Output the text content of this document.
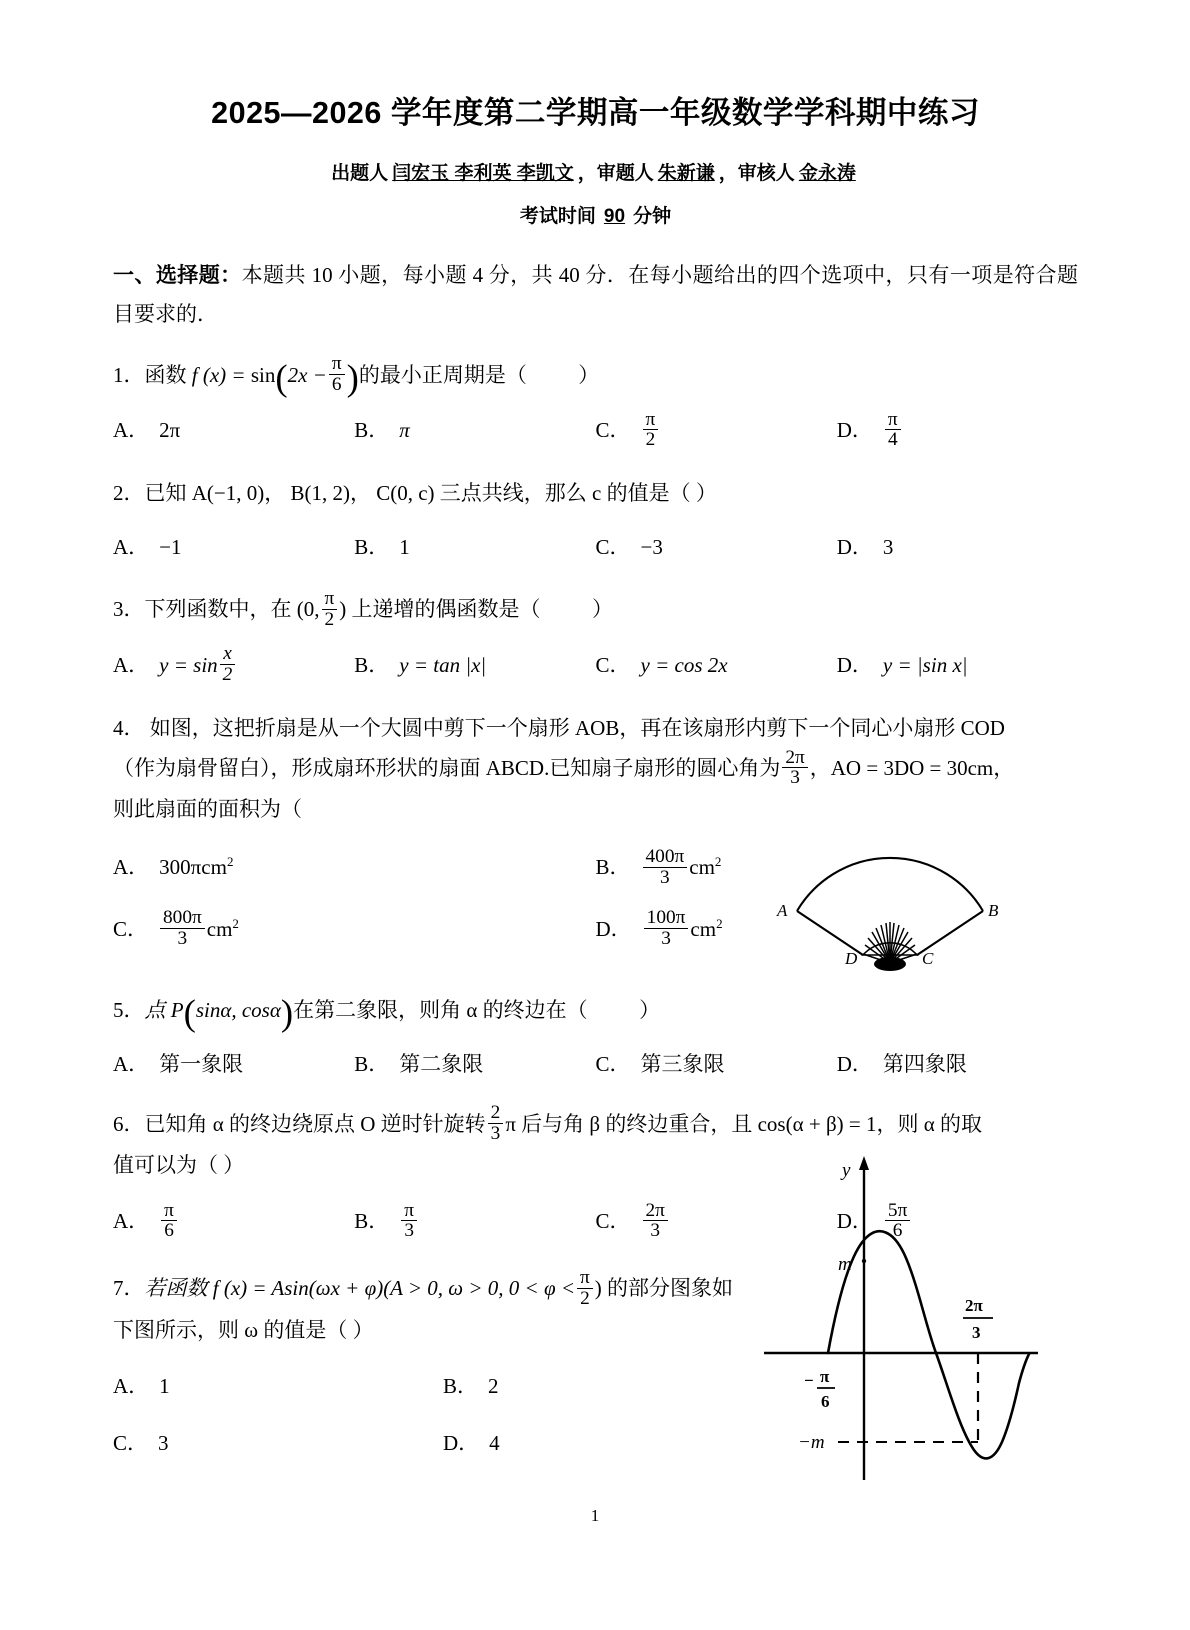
2025—2026 学年度第二学期高一年级数学学科期中练习
出题人 闫宏玉 李利英 李凯文 ，审题人 朱新谦 ，审核人 金永涛
考试时间 90 分钟
一、选择题：本题共 10 小题，每小题 4 分，共 40 分．在每小题给出的四个选项中，只有一项是符合题目要求的．
1．函数 f $(x) = \sin(2x - \frac{\pi}{6}$ )的最小正周期是（ ）
A． 2π	B． π	C． $\frac{\pi}{2}$	D． $\frac{\pi}{4}$
2．已知 A(−1, 0)， B(1, 2)， C(0, c) 三点共线，那么 c 的值是（ ）
A． −1	B． 1	C． −3	D． 3
3．下列函数中，在 (0, $\frac{\pi}{2}$ ) 上递增的偶函数是（ ）
A． $y = \sin \frac{x}{2}$	B． y = tan |x|	C． y = cos 2x	D． y = |sin x|
4． 如图，这把折扇是从一个大圆中剪下一个扇形 AOB，再在该扇形内剪下一个同心小扇形 COD
（作为扇骨留白），形成扇环形状的扇面 ABCD.已知扇子扇形的圆心角为 $\frac{2\pi}{3}$ ，AO = 3DO = 30cm，
则此扇面的面积为（
A． 300πcm$^2$	B． $\frac{400\pi}{3} cm^2$
C． $\frac{800\pi}{3} cm^2$	D． $\frac{100\pi}{3} cm^2$
5．点 P(sinα, cosα)在第二象限，则角 α 的终边在（ ）
A． 第一象限	B． 第二象限	C． 第三象限	D． 第四象限
6．已知角 α 的终边绕原点 O 逆时针旋转 $\frac{2}{3}$ π 后与角 β 的终边重合，且 cos(α + β) = 1，则 α 的取
值可以为（ ）
A． $\frac{\pi}{6}$	B． $\frac{\pi}{3}$	C． $\frac{2\pi}{3}$	D． $\frac{5\pi}{6}$
7．若函数 f (x) = Asin(ωx + φ)(A > 0, ω > 0, $0 < \varphi < \frac{\pi}{2}$ ) 的部分图象如
下图所示，则 ω 的值是（ ）
A． 1	B． 2
C． 3	D． 4
A	B
D	C
y
m
−m
− π
6
2π
3
1
